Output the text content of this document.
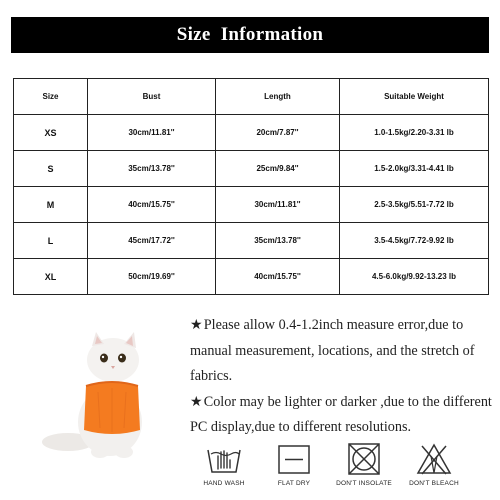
Size  Information
Size	Bust	Length	Suitable Weight
XS	30cm/11.81''	20cm/7.87''	1.0-1.5kg/2.20-3.31 lb
S	35cm/13.78''	25cm/9.84''	1.5-2.0kg/3.31-4.41 lb
M	40cm/15.75''	30cm/11.81''	2.5-3.5kg/5.51-7.72 lb
L	45cm/17.72''	35cm/13.78''	3.5-4.5kg/7.72-9.92 lb
XL	50cm/19.69''	40cm/15.75''	4.5-6.0kg/9.92-13.23 lb

★Please allow 0.4-1.2inch measure error,due to manual measurement, locations, and the stretch of fabrics.

★Color may be lighter or darker ,due to the different PC display,due to different resolutions.

HAND WASH	FLAT DRY	DON'T INSOLATE	DON'T BLEACH
